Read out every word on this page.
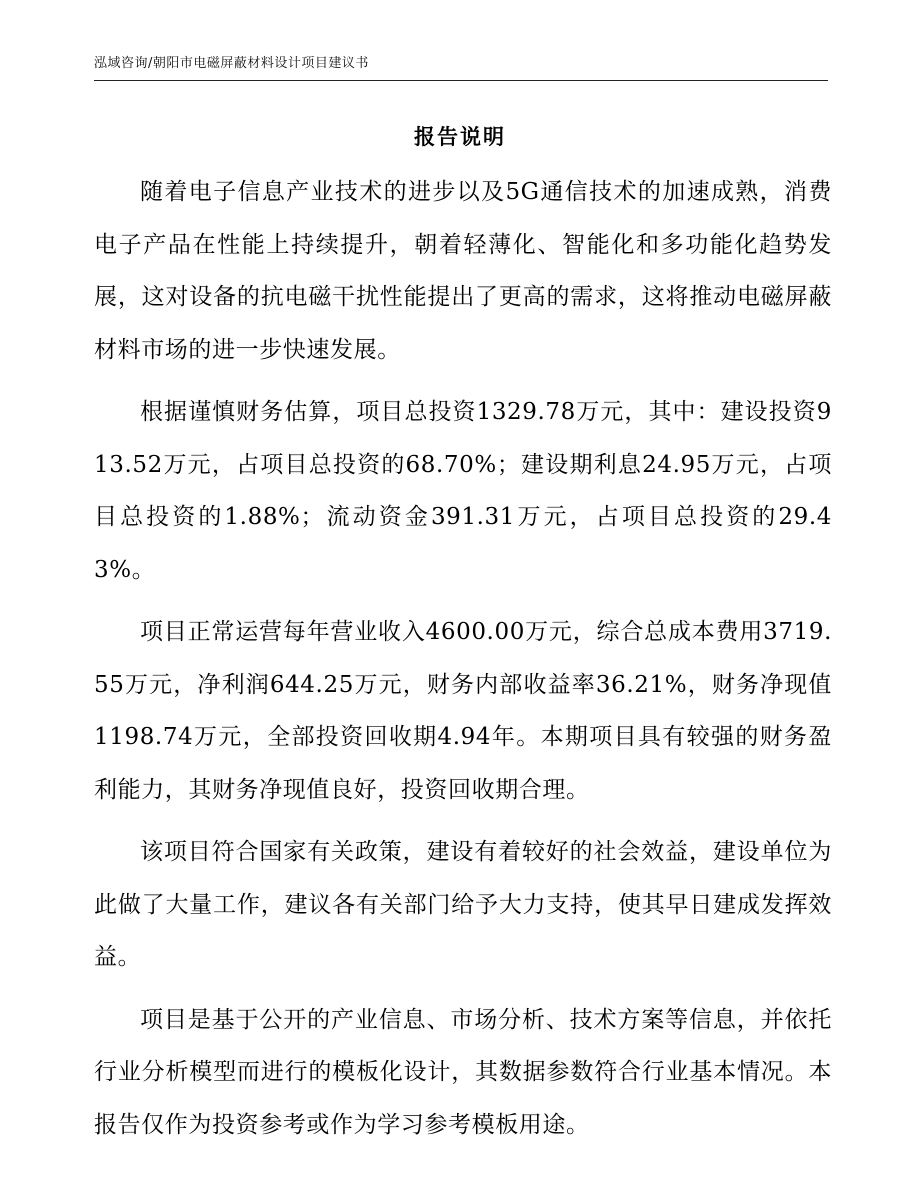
泓域咨询/朝阳市电磁屏蔽材料设计项目建议书
报告说明

随着电子信息产业技术的进步以及5G通信技术的加速成熟，消费电子产品在性能上持续提升，朝着轻薄化、智能化和多功能化趋势发展，这对设备的抗电磁干扰性能提出了更高的需求，这将推动电磁屏蔽材料市场的进一步快速发展。

根据谨慎财务估算，项目总投资1329.78万元，其中：建设投资913.52万元，占项目总投资的68.70%；建设期利息24.95万元，占项目总投资的1.88%；流动资金391.31万元，占项目总投资的29.43%。

项目正常运营每年营业收入4600.00万元，综合总成本费用3719.55万元，净利润644.25万元，财务内部收益率36.21%，财务净现值1198.74万元，全部投资回收期4.94年。本期项目具有较强的财务盈利能力，其财务净现值良好，投资回收期合理。

该项目符合国家有关政策，建设有着较好的社会效益，建设单位为此做了大量工作，建议各有关部门给予大力支持，使其早日建成发挥效益。

项目是基于公开的产业信息、市场分析、技术方案等信息，并依托行业分析模型而进行的模板化设计，其数据参数符合行业基本情况。本报告仅作为投资参考或作为学习参考模板用途。
